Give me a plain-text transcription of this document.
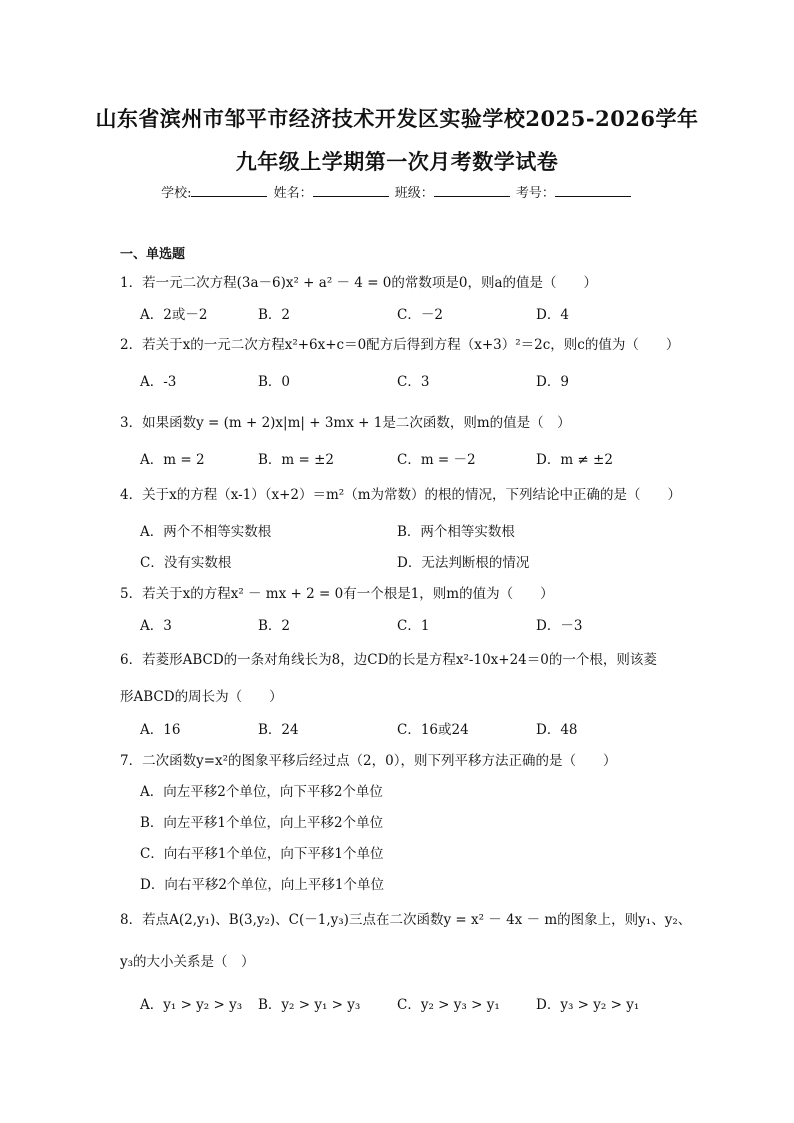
山东省滨州市邹平市经济技术开发区实验学校2025-2026学年
九年级上学期第一次月考数学试卷
学校:	姓名：	班级：	考号：
一、单选题
1．若一元二次方程(3a－6)x² + a² － 4 = 0的常数项是0，则a的值是（　　）
A．2或－2	B．2	C．－2	D．4
2．若关于x的一元二次方程x²+6x+c＝0配方后得到方程（x+3）²＝2c，则c的值为（　　）
A．-3	B．0	C．3	D．9
3．如果函数y = (m + 2)x|m| + 3mx + 1是二次函数，则m的值是（　）
A．m = 2	B．m = ±2	C．m = －2	D．m ≠ ±2
4．关于x的方程（x-1）（x+2）＝m²（m为常数）的根的情况，下列结论中正确的是（　　）
A．两个不相等实数根	B．两个相等实数根
C．没有实数根	D．无法判断根的情况
5．若关于x的方程x² － mx + 2 = 0有一个根是1，则m的值为（　　）
A．3	B．2	C．1	D．－3
6．若菱形ABCD的一条对角线长为8，边CD的长是方程x²-10x+24＝0的一个根，则该菱
形ABCD的周长为（　　）
A．16	B．24	C．16或24	D．48
7．二次函数y=x²的图象平移后经过点（2，0），则下列平移方法正确的是（　　）
A．向左平移2个单位，向下平移2个单位
B．向左平移1个单位，向上平移2个单位
C．向右平移1个单位，向下平移1个单位
D．向右平移2个单位，向上平移1个单位
8．若点A(2,y₁)、B(3,y₂)、C(－1,y₃)三点在二次函数y = x² － 4x － m的图象上，则y₁、y₂、
y₃的大小关系是（　）
A．y₁ > y₂ > y₃ B．y₂ > y₁ > y₃	C．y₂ > y₃ > y₁	D．y₃ > y₂ > y₁
